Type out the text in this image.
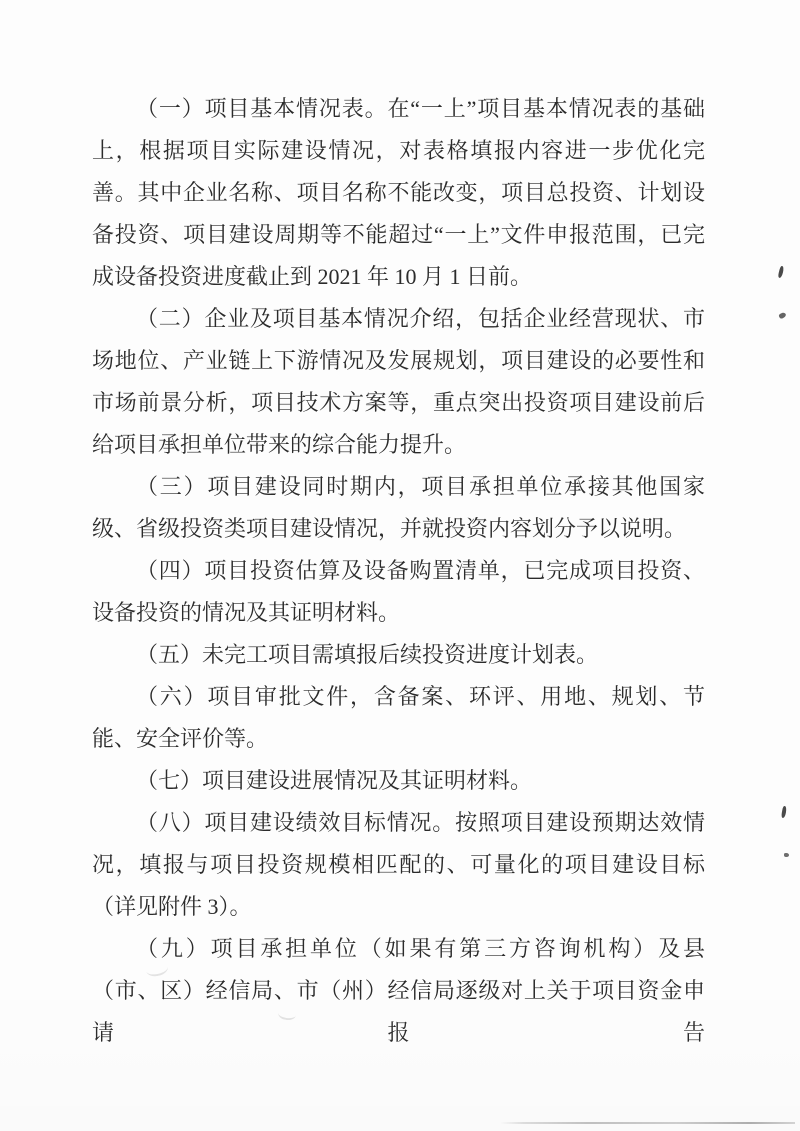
（一）项目基本情况表。在“一上”项目基本情况表的基础上，根据项目实际建设情况，对表格填报内容进一步优化完善。其中企业名称、项目名称不能改变，项目总投资、计划设备投资、项目建设周期等不能超过“一上”文件申报范围，已完成设备投资进度截止到 2021 年 10 月 1 日前。

（二）企业及项目基本情况介绍，包括企业经营现状、市场地位、产业链上下游情况及发展规划，项目建设的必要性和市场前景分析，项目技术方案等，重点突出投资项目建设前后给项目承担单位带来的综合能力提升。

（三）项目建设同时期内，项目承担单位承接其他国家级、省级投资类项目建设情况，并就投资内容划分予以说明。

（四）项目投资估算及设备购置清单，已完成项目投资、设备投资的情况及其证明材料。

（五）未完工项目需填报后续投资进度计划表。

（六）项目审批文件，含备案、环评、用地、规划、节能、安全评价等。

（七）项目建设进展情况及其证明材料。

（八）项目建设绩效目标情况。按照项目建设预期达效情况，填报与项目投资规模相匹配的、可量化的项目建设目标（详见附件 3）。

（九）项目承担单位（如果有第三方咨询机构）及县（市、区）经信局、市（州）经信局逐级对上关于项目资金申请报告
